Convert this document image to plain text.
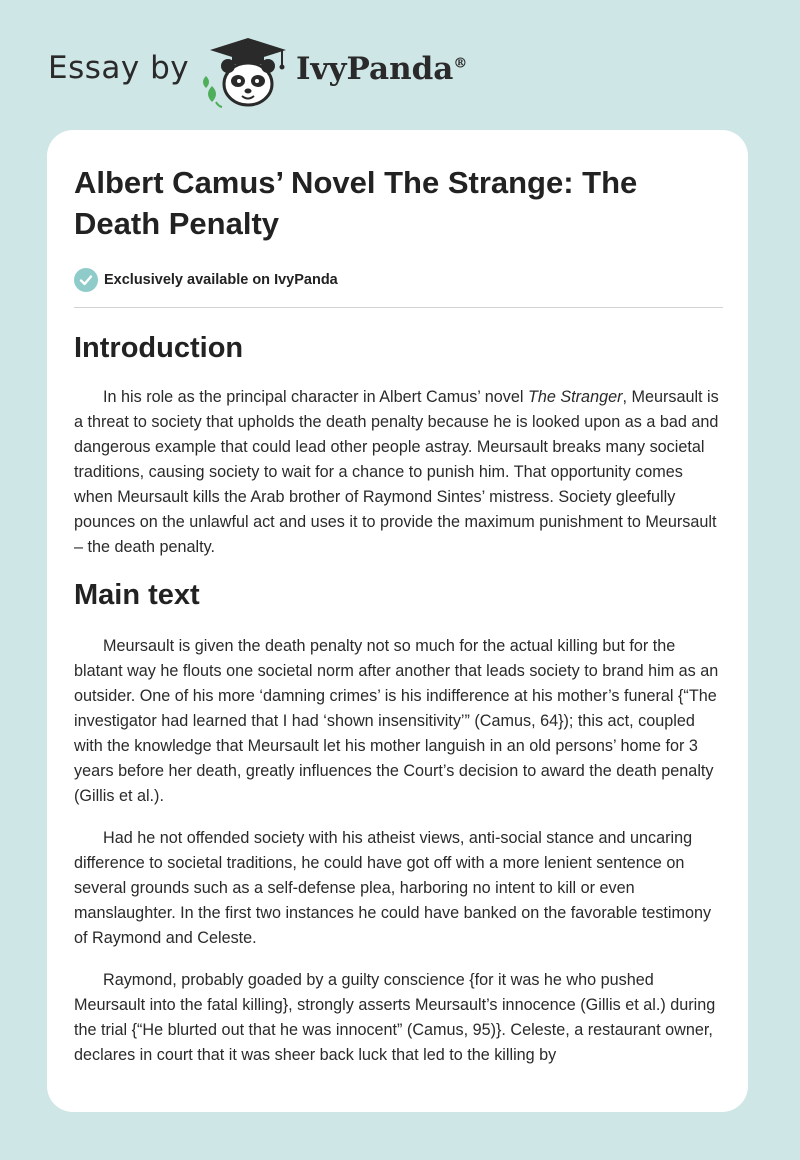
Essay by	IvyPanda®
Albert Camus’ Novel The Strange: The Death Penalty
Exclusively available on IvyPanda
Introduction

In his role as the principal character in Albert Camus’ novel The Stranger, Meursault is a threat to society that upholds the death penalty because he is looked upon as a bad and dangerous example that could lead other people astray. Meursault breaks many societal traditions, causing society to wait for a chance to punish him. That opportunity comes when Meursault kills the Arab brother of Raymond Sintes’ mistress. Society gleefully pounces on the unlawful act and uses it to provide the maximum punishment to Meursault – the death penalty.

Main text

Meursault is given the death penalty not so much for the actual killing but for the blatant way he flouts one societal norm after another that leads society to brand him as an outsider. One of his more ‘damning crimes’ is his indifference at his mother’s funeral {“The investigator had learned that I had ‘shown insensitivity’” (Camus, 64}); this act, coupled with the knowledge that Meursault let his mother languish in an old persons’ home for 3 years before her death, greatly influences the Court’s decision to award the death penalty (Gillis et al.).

Had he not offended society with his atheist views, anti-social stance and uncaring difference to societal traditions, he could have got off with a more lenient sentence on several grounds such as a self-defense plea, harboring no intent to kill or even manslaughter. In the first two instances he could have banked on the favorable testimony of Raymond and Celeste.

Raymond, probably goaded by a guilty conscience {for it was he who pushed Meursault into the fatal killing}, strongly asserts Meursault’s innocence (Gillis et al.) during the trial {“He blurted out that he was innocent” (Camus, 95)}. Celeste, a restaurant owner, declares in court that it was sheer back luck that led to the killing by
